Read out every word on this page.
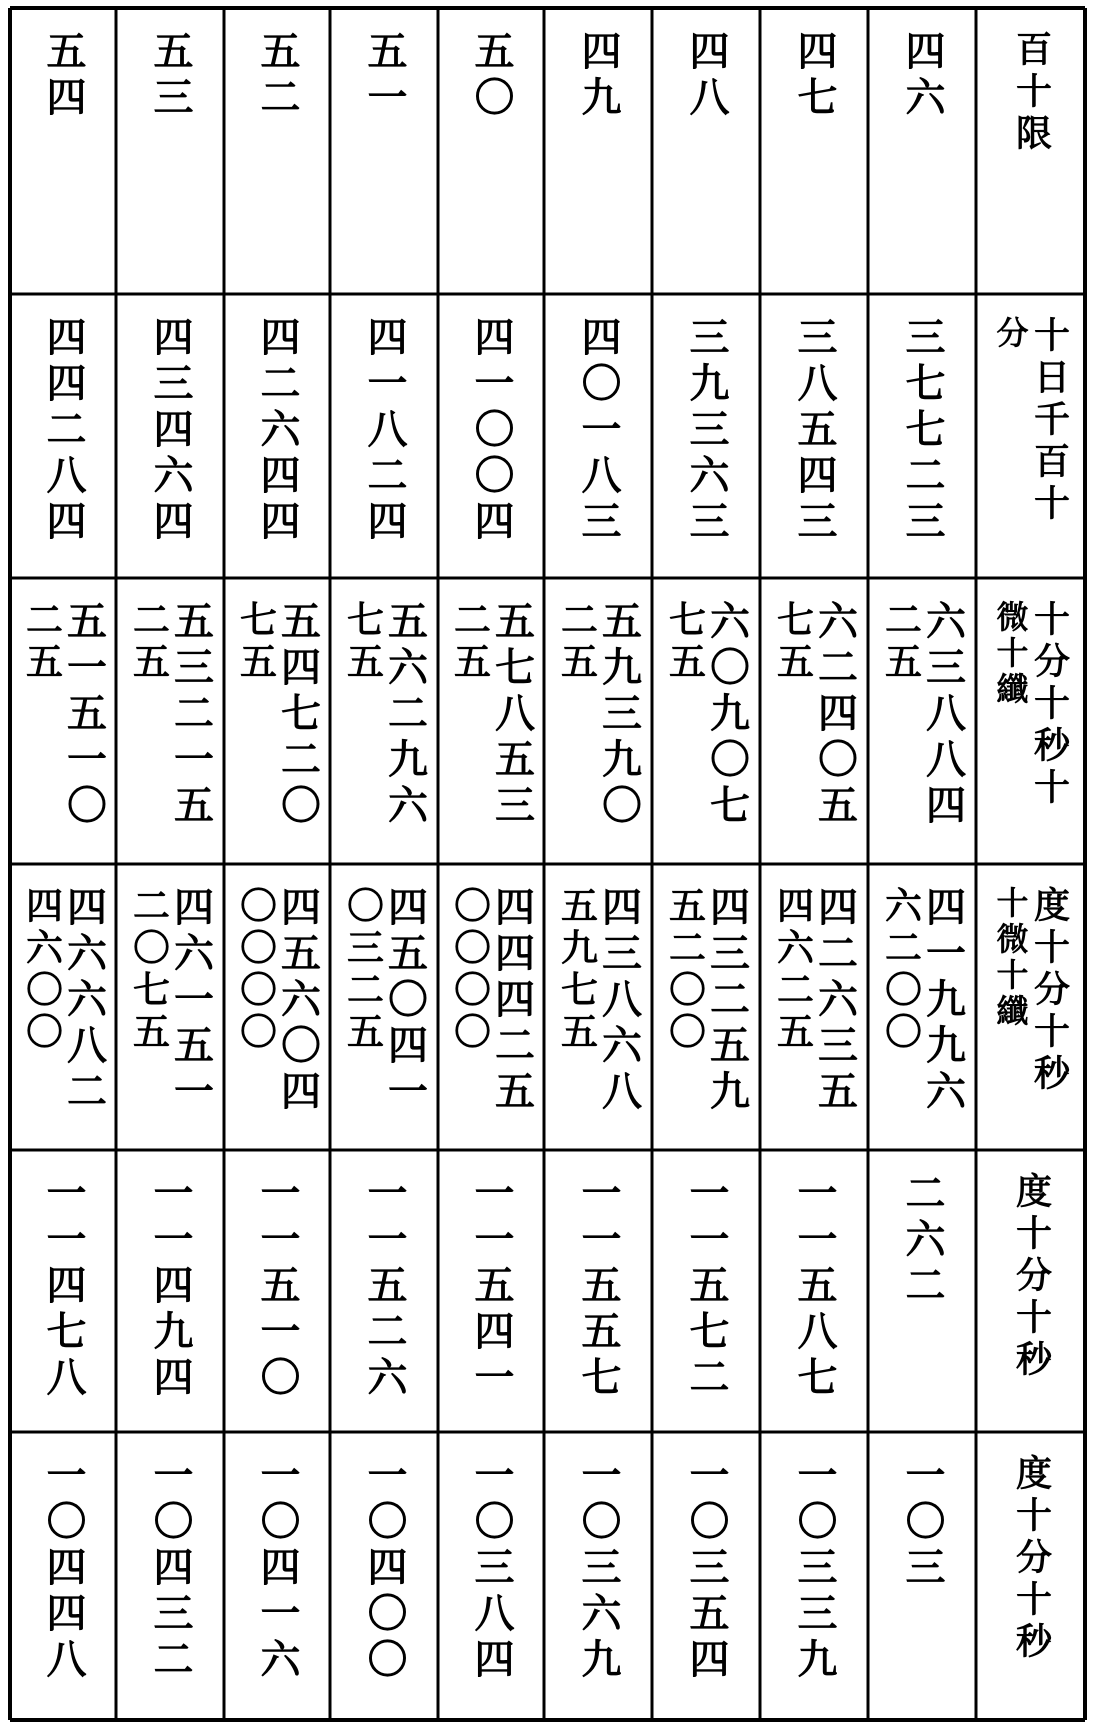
百十限
十日千百十
分
十分十秒十
微十纖
度十分十秒
十微十纖
度十分十秒
度十分十秒
四六
三七七二三
六三八八四
二五
四一九九六
六二〇〇
二六二
一〇三
四七
三八五四三
六二四〇五
七五
四二六三五
四六二五
一一五八七
一〇三三九
四八
三九三六三
六〇九〇七
七五
四三二五九
五二〇〇
一一五七二
一〇三五四
四九
四〇一八三
五九三九〇
二五
四三八六八
五九七五
一一五五七
一〇三六九
五〇
四一〇〇四
五七八五三
二五
四四四二五
〇〇〇〇
一一五四一
一〇三八四
五一
四一八二四
五六二九六
七五
四五〇四一
〇三二五
一一五二六
一〇四〇〇
五二
四二六四四
五四七二〇
七五
四五六〇四
〇〇〇〇
一一五一〇
一〇四一六
五三
四三四六四
五三二一五
二五
四六一五一
二〇七五
一一四九四
一〇四三二
五四
四四二八四
五一五一〇
二五
四六六八二
四六〇〇
一一四七八
一〇四四八
